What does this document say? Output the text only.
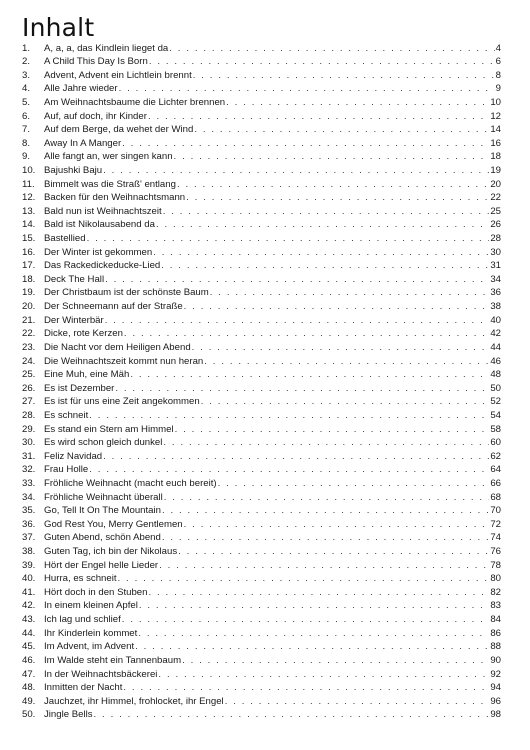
Inhalt
1.	A, a, a, das Kindlein lieget da . . .	4
2.	A Child This Day Is Born . . .	6
3.	Advent, Advent ein Lichtlein brennt . . .	8
4.	Alle Jahre wieder . . .	9
5.	Am Weihnachtsbaume die Lichter brennen . . .	10
6.	Auf, auf doch, ihr Kinder . . .	12
7.	Auf dem Berge, da wehet der Wind . . .	14
8.	Away In A Manger . . .	16
9.	Alle fangt an, wer singen kann . . .	18
10. Bajushki Baju . . .	19
11. Bimmelt was die Straß' entlang . . .	20
12. Backen für den Weihnachtsmann . . .	22
13. Bald nun ist Weihnachtszeit . . .	25
14. Bald ist Nikolausabend da . . .	26
15. Bastellied . . .	28
16. Der Winter ist gekommen . . .	30
17. Das Rackedickeducke-Lied . . .	31
18. Deck The Hall . . .	34
19. Der Christbaum ist der schönste Baum . . .	36
20. Der Schneemann auf der Straße . . .	38
21. Der Winterbär . . .	40
22. Dicke, rote Kerzen . . .	42
23. Die Nacht vor dem Heiligen Abend . . .	44
24. Die Weihnachtszeit kommt nun heran . . .	46
25. Eine Muh, eine Mäh . . .	48
26. Es ist Dezember . . .	50
27. Es ist für uns eine Zeit angekommen . . .	52
28. Es schneit . . .	54
29. Es stand ein Stern am Himmel . . .	58
30. Es wird schon gleich dunkel . . .	60
31. Feliz Navidad . . .	62
32. Frau Holle . . .	64
33. Fröhliche Weihnacht (macht euch bereit) . . .	66
34. Fröhliche Weihnacht überall . . .	68
35. Go, Tell It On The Mountain . . .	70
36. God Rest You, Merry Gentlemen . . .	72
37. Guten Abend, schön Abend . . .	74
38. Guten Tag, ich bin der Nikolaus . . .	76
39. Hört der Engel helle Lieder . . .	78
40. Hurra, es schneit . . .	80
41. Hört doch in den Stuben . . .	82
42. In einem kleinen Apfel . . .	83
43. Ich lag und schlief . . .	84
44. Ihr Kinderlein kommet . . .	86
45. Im Advent, im Advent . . .	88
46. Im Walde steht ein Tannenbaum . . .	90
47. In der Weihnachtsbäckerei . . .	92
48. Inmitten der Nacht . . .	94
49. Jauchzet, ihr Himmel, frohlocket, ihr Engel . . .	96
50. Jingle Bells . . .	98
